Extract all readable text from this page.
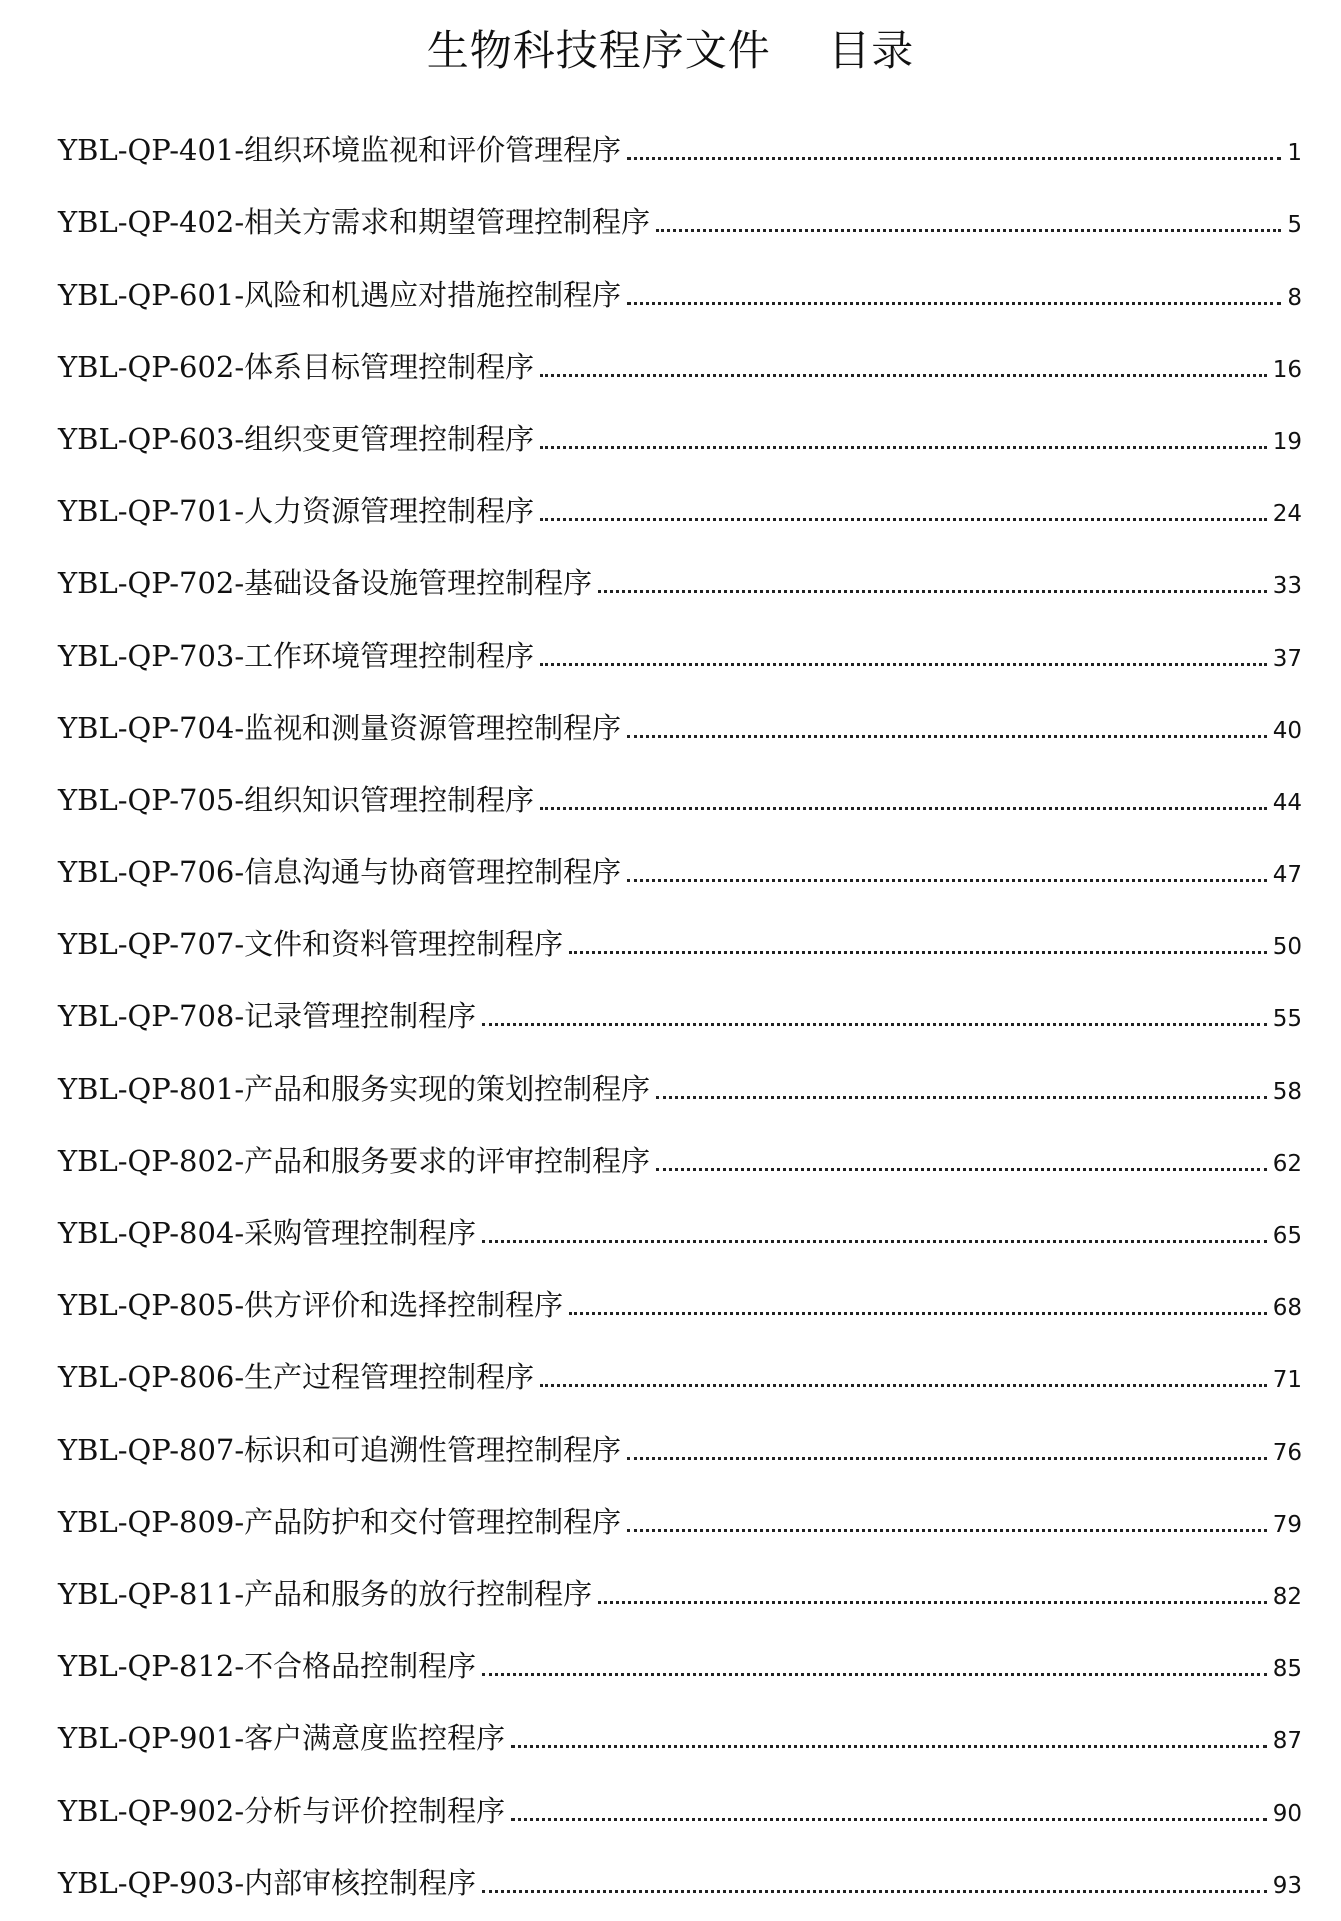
生物科技程序文件    目录
YBL-QP-401-组织环境监视和评价管理程序	1
YBL-QP-402-相关方需求和期望管理控制程序	5
YBL-QP-601-风险和机遇应对措施控制程序	8
YBL-QP-602-体系目标管理控制程序	16
YBL-QP-603-组织变更管理控制程序	19
YBL-QP-701-人力资源管理控制程序	24
YBL-QP-702-基础设备设施管理控制程序	33
YBL-QP-703-工作环境管理控制程序	37
YBL-QP-704-监视和测量资源管理控制程序	40
YBL-QP-705-组织知识管理控制程序	44
YBL-QP-706-信息沟通与协商管理控制程序	47
YBL-QP-707-文件和资料管理控制程序	50
YBL-QP-708-记录管理控制程序	55
YBL-QP-801-产品和服务实现的策划控制程序	58
YBL-QP-802-产品和服务要求的评审控制程序	62
YBL-QP-804-采购管理控制程序	65
YBL-QP-805-供方评价和选择控制程序	68
YBL-QP-806-生产过程管理控制程序	71
YBL-QP-807-标识和可追溯性管理控制程序	76
YBL-QP-809-产品防护和交付管理控制程序	79
YBL-QP-811-产品和服务的放行控制程序	82
YBL-QP-812-不合格品控制程序	85
YBL-QP-901-客户满意度监控程序	87
YBL-QP-902-分析与评价控制程序	90
YBL-QP-903-内部审核控制程序	93
